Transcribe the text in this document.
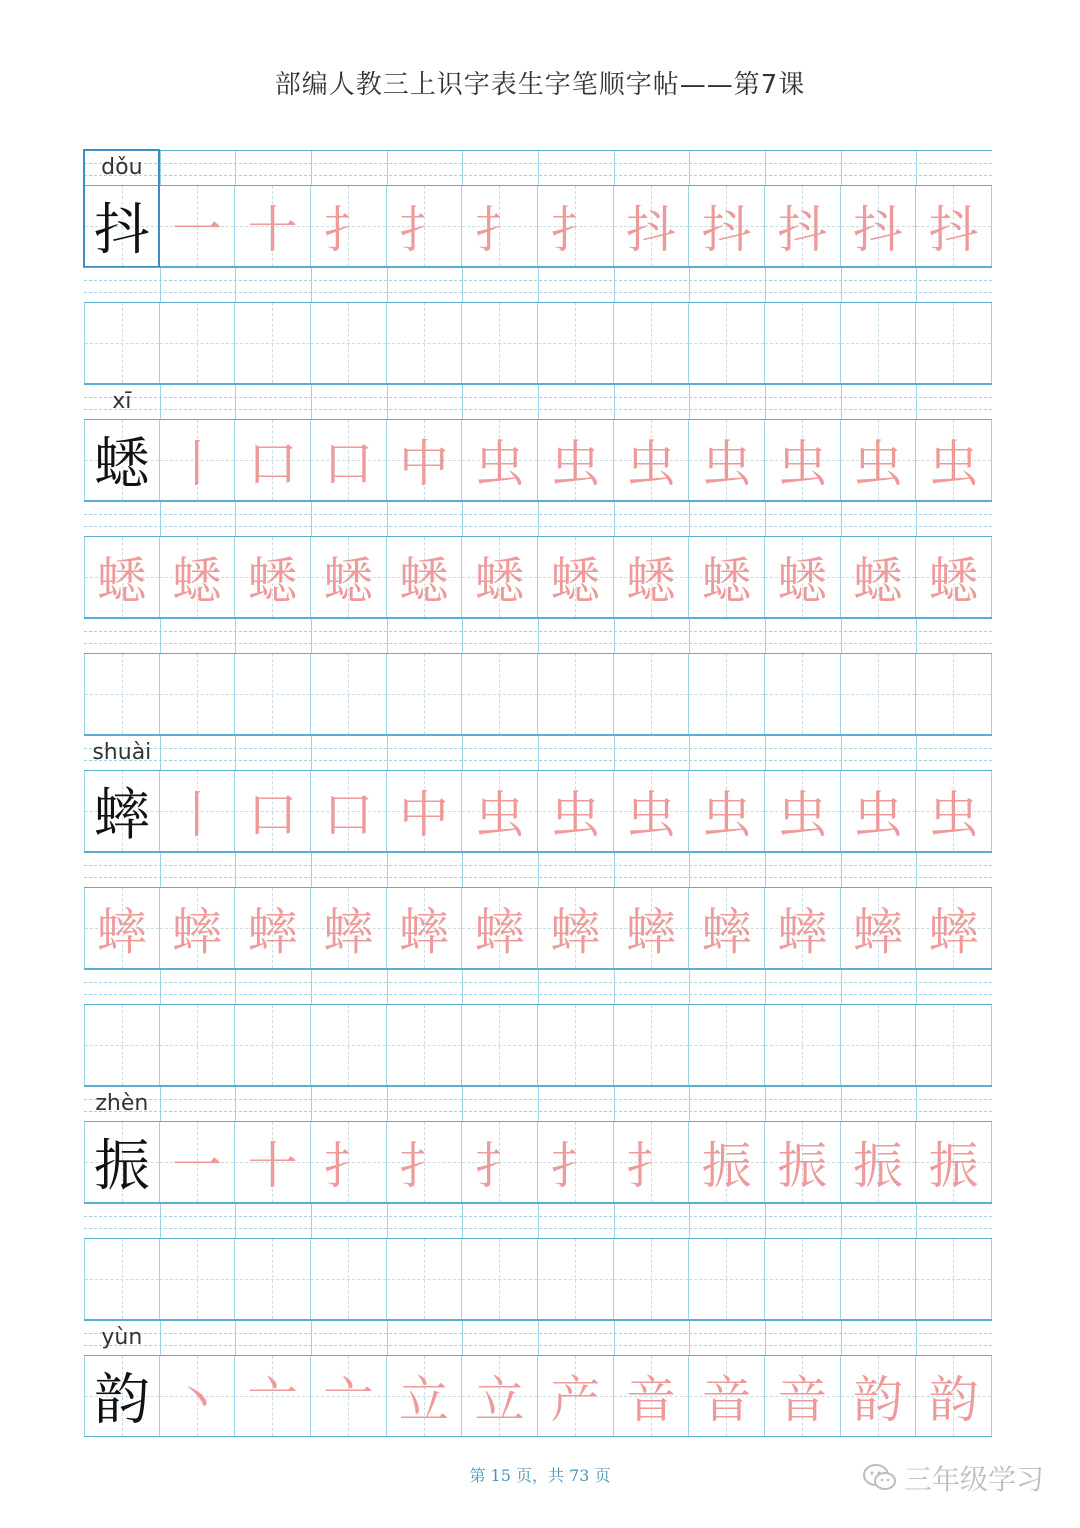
部编人教三上识字表生字笔顺字帖——第7课
dǒu
抖 一 十 扌 扌 扌 扌 抖 抖 抖 抖 抖
xī
蟋 丨 口 口 中 虫 虫 虫 虫 虫 虫 虫
蟋 蟋 蟋 蟋 蟋 蟋 蟋 蟋 蟋 蟋 蟋 蟋
shuài
蟀 丨 口 口 中 虫 虫 虫 虫 虫 虫 虫
蟀 蟀 蟀 蟀 蟀 蟀 蟀 蟀 蟀 蟀 蟀 蟀
zhèn
振 一 十 扌 扌 扌 扌 扌 振 振 振 振
yùn
韵 丶 亠 亠 立 立 产 音 音 音 韵 韵
第 15 页，共 73 页	三年级学习
